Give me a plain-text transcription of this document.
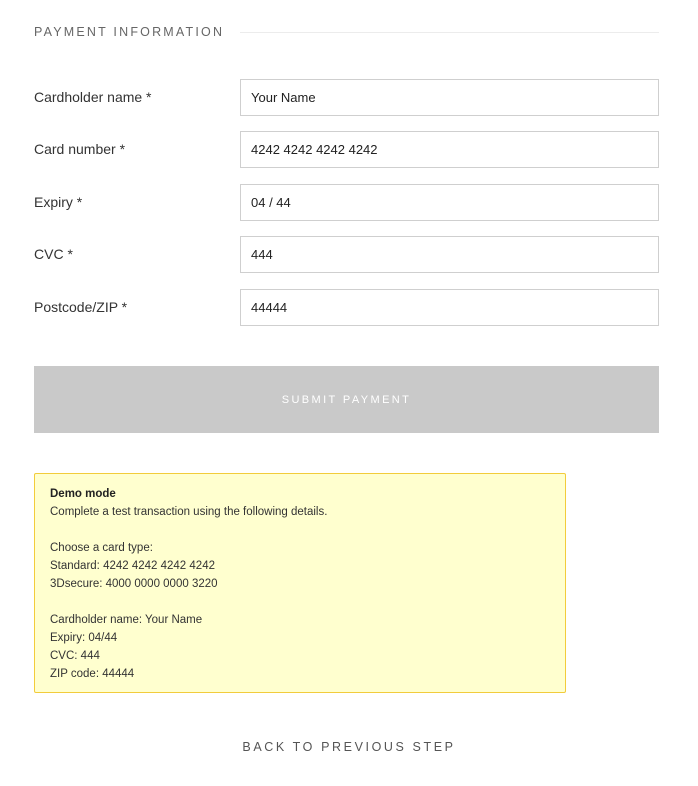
PAYMENT INFORMATION
Cardholder name *
Your Name
Card number *
4242 4242 4242 4242
Expiry *
04 / 44
CVC *
444
Postcode/ZIP *
44444
SUBMIT PAYMENT
Demo mode
Complete a test transaction using the following details.
Choose a card type:
Standard: 4242 4242 4242 4242
3Dsecure: 4000 0000 0000 3220
Cardholder name: Your Name
Expiry: 04/44
CVC: 444
ZIP code: 44444
BACK TO PREVIOUS STEP
